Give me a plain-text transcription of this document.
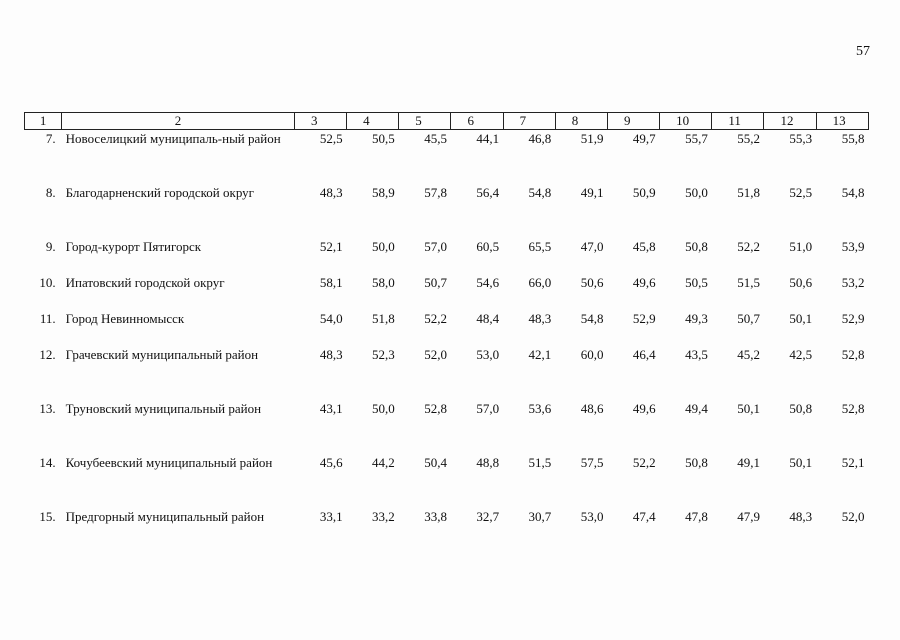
57
1	2	3	4	5	6	7	8	9	10	11	12	13
7.	Новоселицкий муниципаль-ный район	52,5	50,5	45,5	44,1	46,8	51,9	49,7	55,7	55,2	55,3	55,8
8.	Благодарненский городской округ	48,3	58,9	57,8	56,4	54,8	49,1	50,9	50,0	51,8	52,5	54,8
9.	Город-курорт Пятигорск	52,1	50,0	57,0	60,5	65,5	47,0	45,8	50,8	52,2	51,0	53,9
10.	Ипатовский городской округ	58,1	58,0	50,7	54,6	66,0	50,6	49,6	50,5	51,5	50,6	53,2
11.	Город Невинномысск	54,0	51,8	52,2	48,4	48,3	54,8	52,9	49,3	50,7	50,1	52,9
12.	Грачевский муниципальный район	48,3	52,3	52,0	53,0	42,1	60,0	46,4	43,5	45,2	42,5	52,8
13.	Труновский муниципальный район	43,1	50,0	52,8	57,0	53,6	48,6	49,6	49,4	50,1	50,8	52,8
14.	Кочубеевский муниципальный район	45,6	44,2	50,4	48,8	51,5	57,5	52,2	50,8	49,1	50,1	52,1
15.	Предгорный муниципальный район	33,1	33,2	33,8	32,7	30,7	53,0	47,4	47,8	47,9	48,3	52,0
